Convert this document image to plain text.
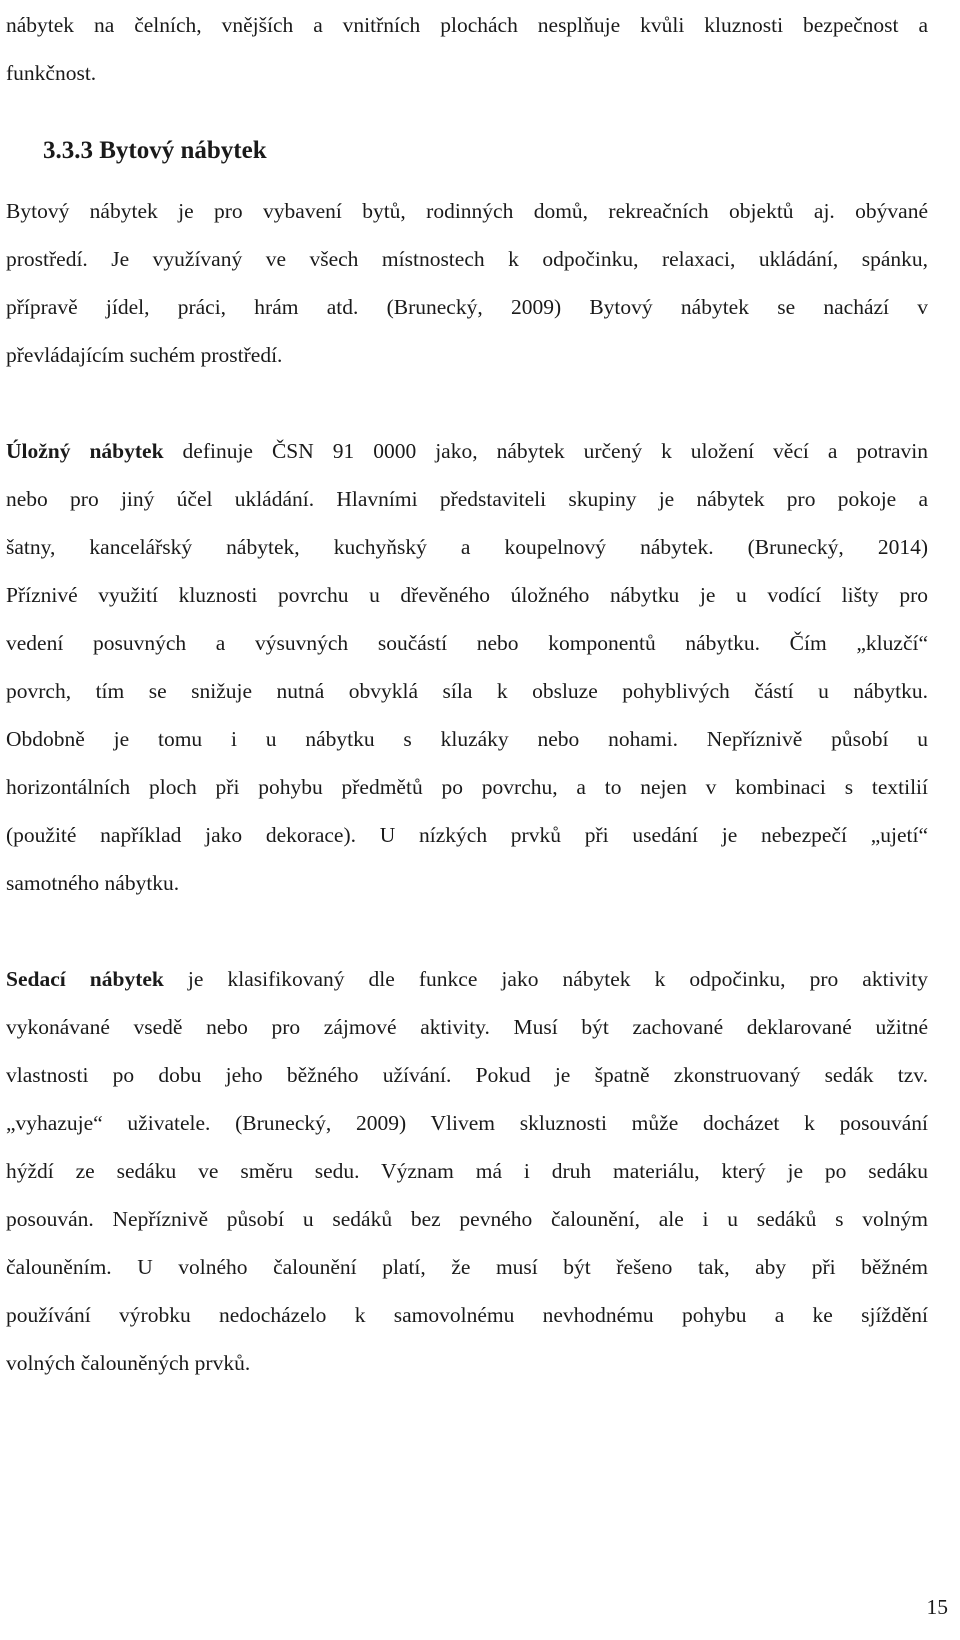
nábytek na čelních, vnějších a vnitřních plochách nesplňuje kvůli kluznosti bezpečnost a
funkčnost.
3.3.3 Bytový nábytek
Bytový nábytek je pro vybavení bytů, rodinných domů, rekreačních objektů aj. obývané
prostředí. Je využívaný ve všech místnostech k odpočinku, relaxaci, ukládání, spánku,
přípravě jídel, práci, hrám atd. (Brunecký, 2009) Bytový nábytek se nachází v
převládajícím suchém prostředí.
Úložný nábytek definuje ČSN 91 0000 jako, nábytek určený k uložení věcí a potravin
nebo pro jiný účel ukládání. Hlavními představiteli skupiny je nábytek pro pokoje a
šatny, kancelářský nábytek, kuchyňský a koupelnový nábytek. (Brunecký, 2014)
Příznivé využití kluznosti povrchu u dřevěného úložného nábytku je u vodící lišty pro
vedení posuvných a výsuvných součástí nebo komponentů nábytku. Čím „kluzčí“
povrch, tím se snižuje nutná obvyklá síla k obsluze pohyblivých částí u nábytku.
Obdobně je tomu i u nábytku s kluzáky nebo nohami. Nepříznivě působí u
horizontálních ploch při pohybu předmětů po povrchu, a to nejen v kombinaci s textilií
(použité například jako dekorace). U nízkých prvků při usedání je nebezpečí „ujetí“
samotného nábytku.
Sedací nábytek je klasifikovaný dle funkce jako nábytek k odpočinku, pro aktivity
vykonávané vsedě nebo pro zájmové aktivity. Musí být zachované deklarované užitné
vlastnosti po dobu jeho běžného užívání. Pokud je špatně zkonstruovaný sedák tzv.
„vyhazuje“ uživatele. (Brunecký, 2009) Vlivem skluznosti může docházet k posouvání
hýždí ze sedáku ve směru sedu. Význam má i druh materiálu, který je po sedáku
posouván. Nepříznivě působí u sedáků bez pevného čalounění, ale i u sedáků s volným
čalouněním. U volného čalounění platí, že musí být řešeno tak, aby při běžném
používání výrobku nedocházelo k samovolnému nevhodnému pohybu a ke sjíždění
volných čalouněných prvků.
15
